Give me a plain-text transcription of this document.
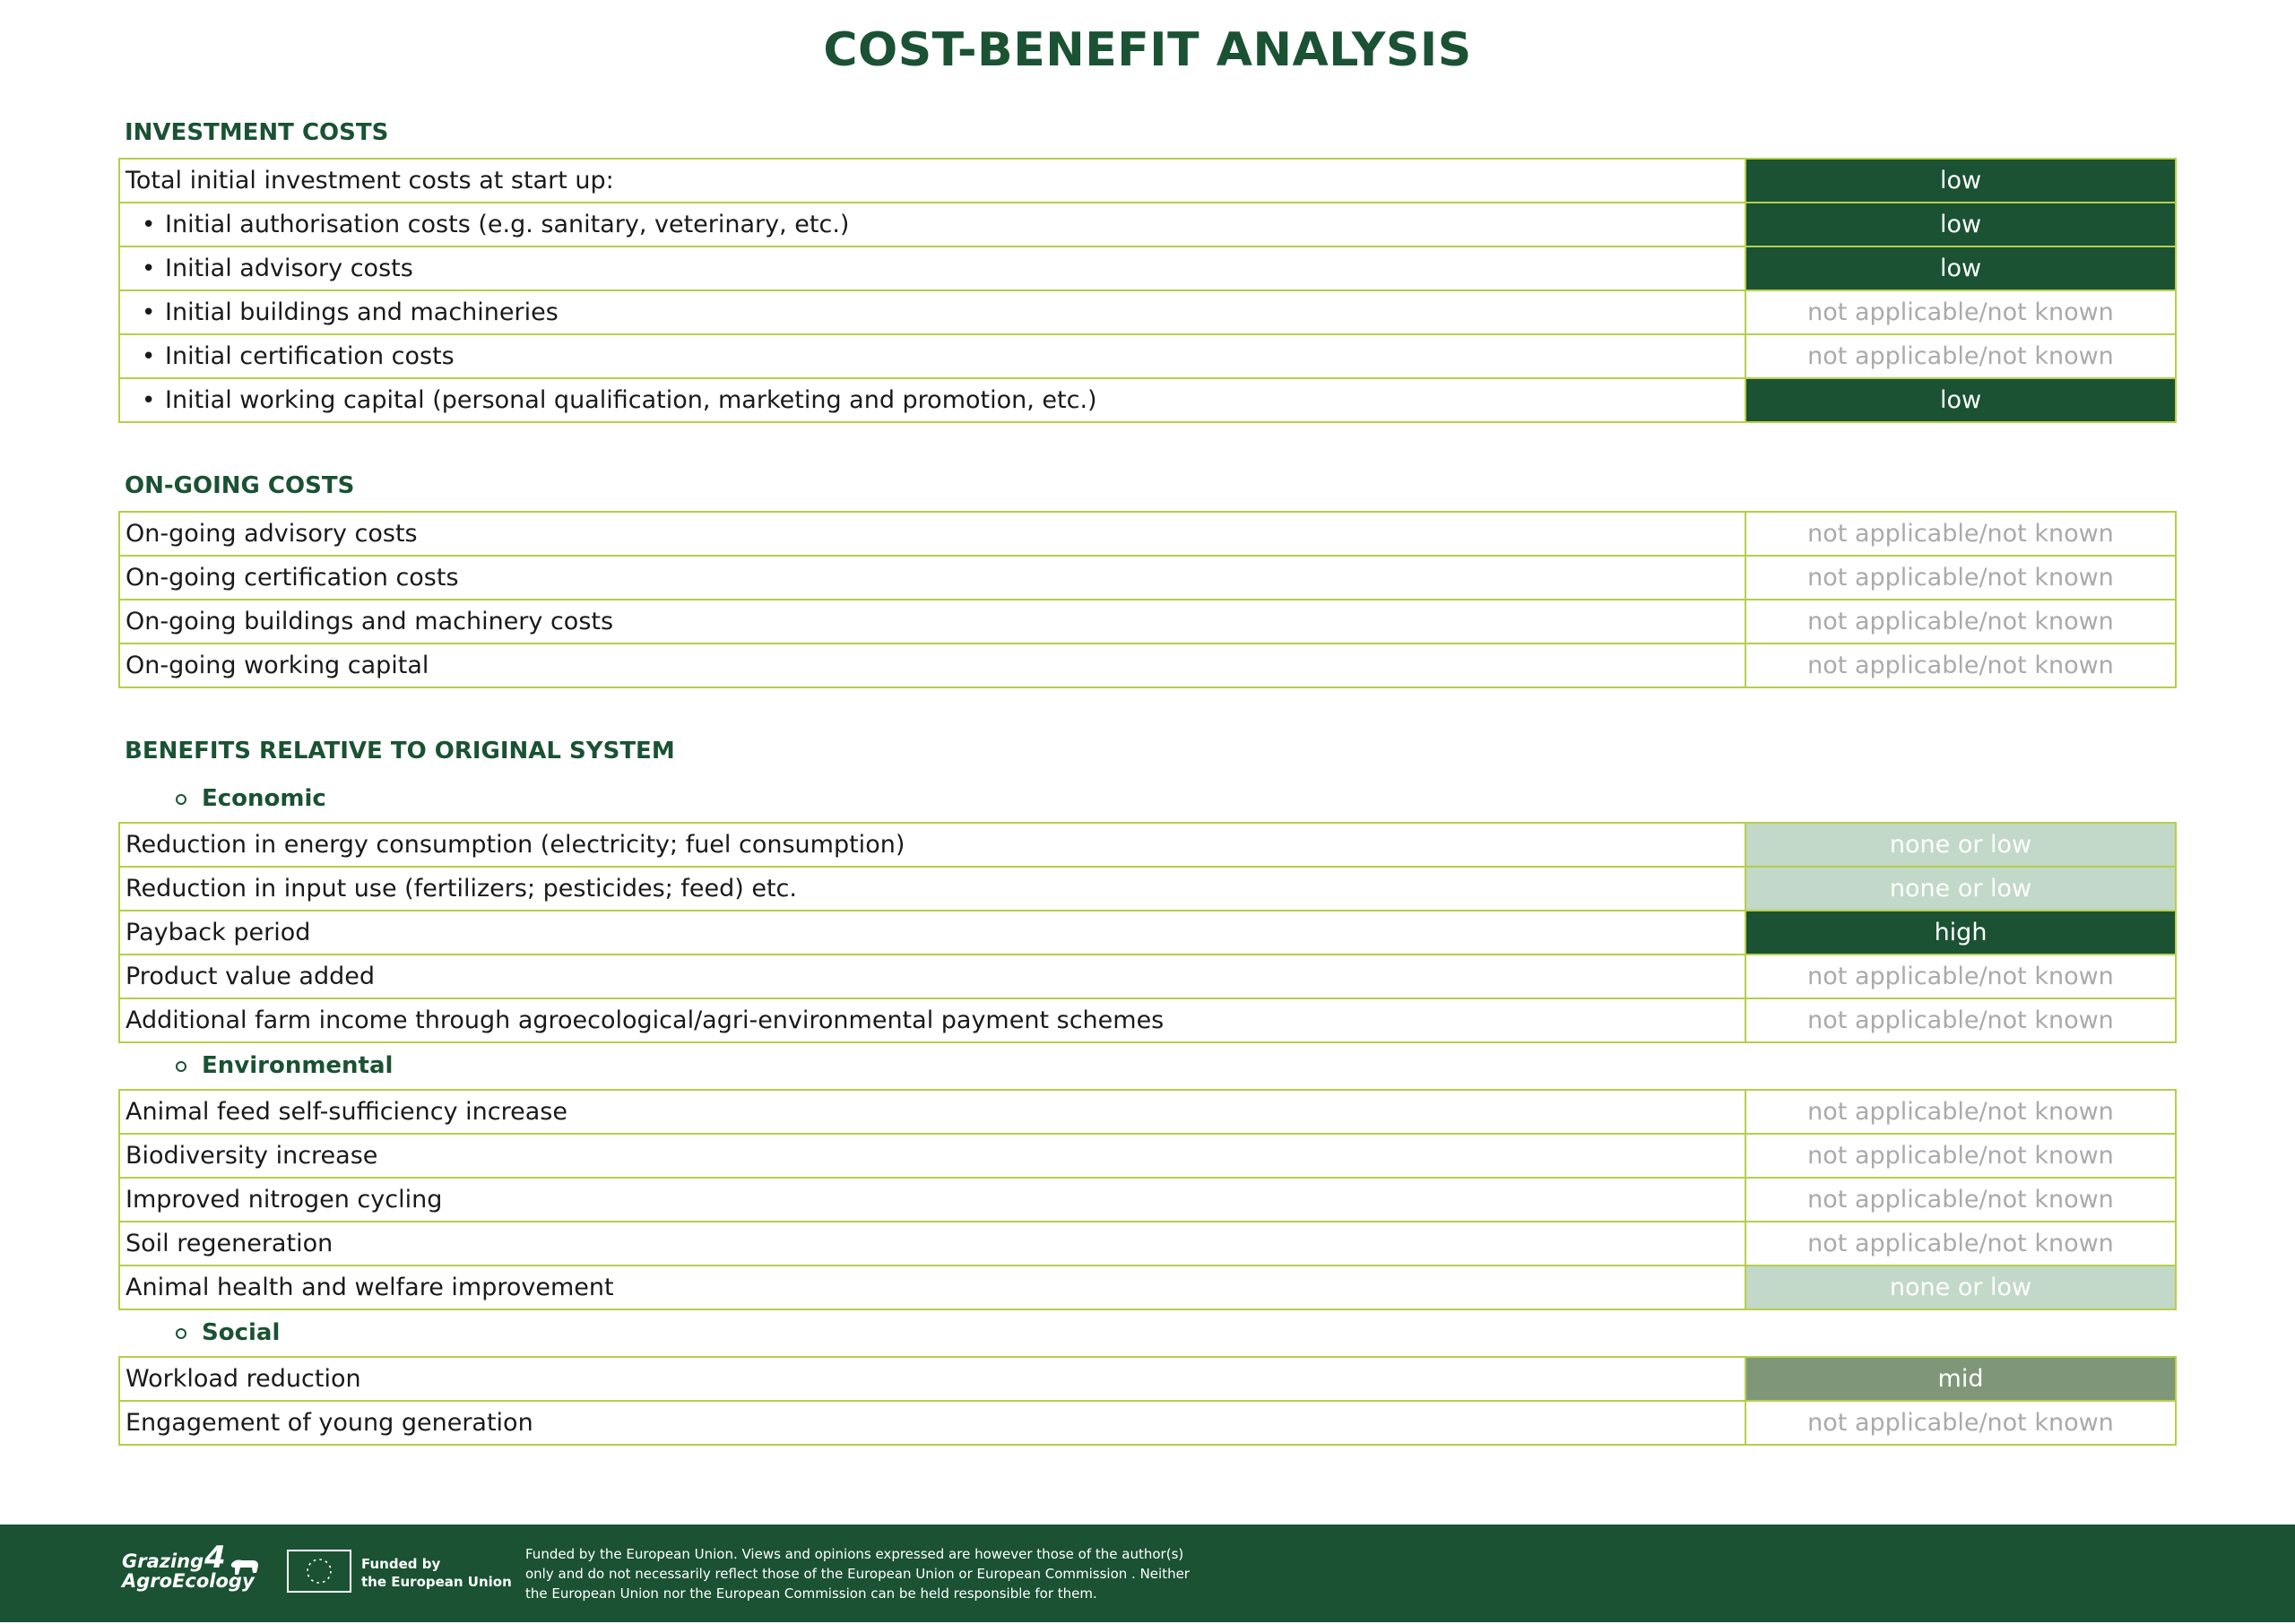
COST-BENEFIT ANALYSIS
INVESTMENT COSTS
Total initial investment costs at start up:	low
•Initial authorisation costs (e.g. sanitary, veterinary, etc.)	low
•Initial advisory costs	low
•Initial buildings and machineries	not applicable/not known
•Initial certification costs	not applicable/not known
•Initial working capital (personal qualification, marketing and promotion, etc.)	low
ON-GOING COSTS
On-going advisory costs	not applicable/not known
On-going certification costs	not applicable/not known
On-going buildings and machinery costs	not applicable/not known
On-going working capital	not applicable/not known
BENEFITS RELATIVE TO ORIGINAL SYSTEM
Economic
Reduction in energy consumption (electricity; fuel consumption)	none or low
Reduction in input use (fertilizers; pesticides; feed) etc.	none or low
Payback period	high
Product value added	not applicable/not known
Additional farm income through agroecological/agri-environmental payment schemes	not applicable/not known
Environmental
Animal feed self-sufficiency increase	not applicable/not known
Biodiversity increase	not applicable/not known
Improved nitrogen cycling	not applicable/not known
Soil regeneration	not applicable/not known
Animal health and welfare improvement	none or low
Social
Workload reduction	mid
Engagement of young generation	not applicable/not known
Grazing
AgroEcology
4	Funded by
the European Union
Funded by the European Union. Views and opinions expressed are however those of the author(s)
only and do not necessarily reflect those of the European Union or European Commission . Neither
the European Union nor the European Commission can be held responsible for them.
